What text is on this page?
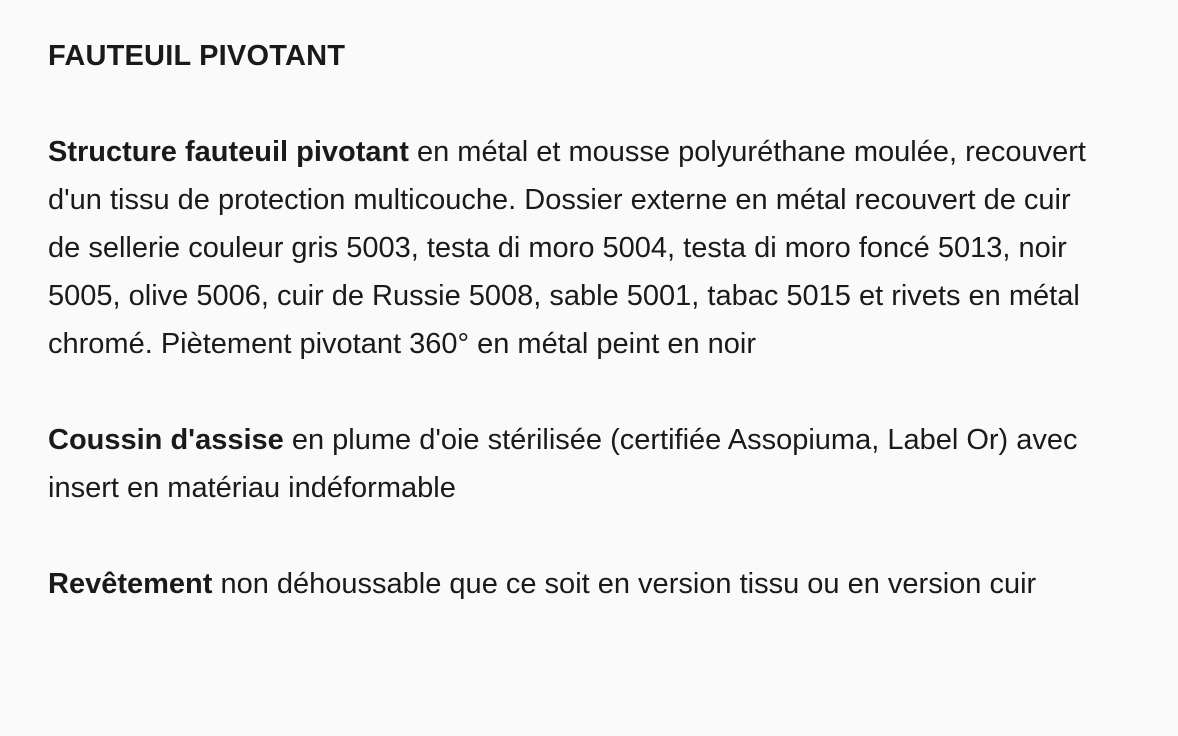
FAUTEUIL PIVOTANT

Structure fauteuil pivotant en métal et mousse polyuréthane moulée, recouvert d'un tissu de protection multicouche. Dossier externe en métal recouvert de cuir de sellerie couleur gris 5003, testa di moro 5004, testa di moro foncé 5013, noir 5005, olive 5006, cuir de Russie 5008, sable 5001, tabac 5015 et rivets en métal chromé. Piètement pivotant 360° en métal peint en noir

Coussin d'assise en plume d'oie stérilisée (certifiée Assopiuma, Label Or) avec insert en matériau indéformable

Revêtement non déhoussable que ce soit en version tissu ou en version cuir
